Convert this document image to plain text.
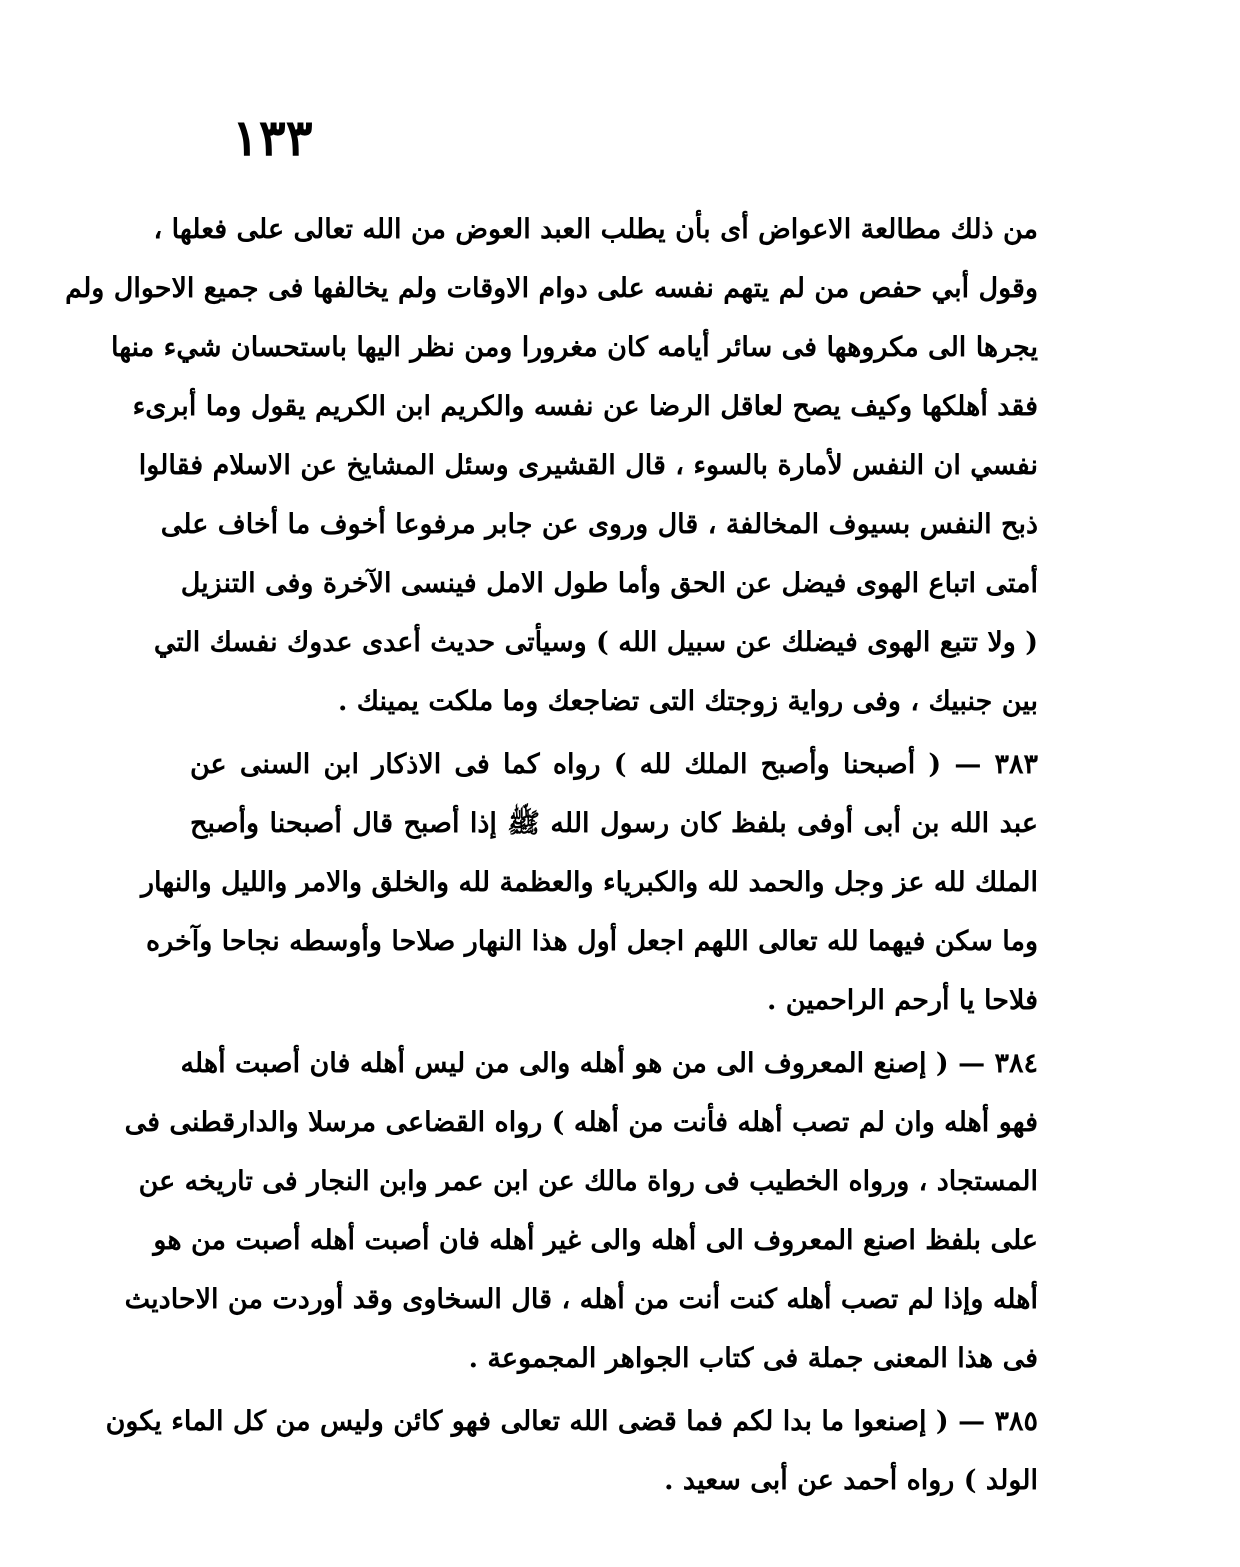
١٣٣
من ذلك مطالعة الاعواض أى بأن يطلب العبد العوض من الله تعالى على فعلها ،
وقول أبي حفص من لم يتهم نفسه على دوام الاوقات ولم يخالفها فى جميع الاحوال ولم
يجرها الى مكروهها فى سائر أيامه كان مغرورا ومن نظر اليها باستحسان شيء منها
فقد أهلكها وكيف يصح لعاقل الرضا عن نفسه والكريم ابن الكريم يقول وما أبرىء
نفسي ان النفس لأمارة بالسوء ، قال القشيرى وسئل المشايخ عن الاسلام فقالوا
ذبح النفس بسيوف المخالفة ، قال وروى عن جابر مرفوعا أخوف ما أخاف على
أمتى اتباع الهوى فيضل عن الحق وأما طول الامل فينسى الآخرة وفى التنزيل
( ولا تتبع الهوى فيضلك عن سبيل الله ) وسيأتى حديث أعدى عدوك نفسك التي
بين جنبيك ، وفى رواية زوجتك التى تضاجعك وما ملكت يمينك .
٣٨٣ — ( أصبحنا وأصبح الملك لله ) رواه كما فى الاذكار ابن السنى عن
عبد الله بن أبى أوفى بلفظ كان رسول الله ﷺ إذا أصبح قال أصبحنا وأصبح
الملك لله عز وجل والحمد لله والكبرياء والعظمة لله والخلق والامر والليل والنهار
وما سكن فيهما لله تعالى اللهم اجعل أول هذا النهار صلاحا وأوسطه نجاحا وآخره
فلاحا يا أرحم الراحمين .
٣٨٤ — ( إصنع المعروف الى من هو أهله والى من ليس أهله فان أصبت أهله
فهو أهله وان لم تصب أهله فأنت من أهله ) رواه القضاعى مرسلا والدارقطنى فى
المستجاد ، ورواه الخطيب فى رواة مالك عن ابن عمر وابن النجار فى تاريخه عن
على بلفظ اصنع المعروف الى أهله والى غير أهله فان أصبت أهله أصبت من هو
أهله وإذا لم تصب أهله كنت أنت من أهله ، قال السخاوى وقد أوردت من الاحاديث
فى هذا المعنى جملة فى كتاب الجواهر المجموعة .
٣٨٥ — ( إصنعوا ما بدا لكم فما قضى الله تعالى فهو كائن وليس من كل الماء يكون
الولد ) رواه أحمد عن أبى سعيد .
